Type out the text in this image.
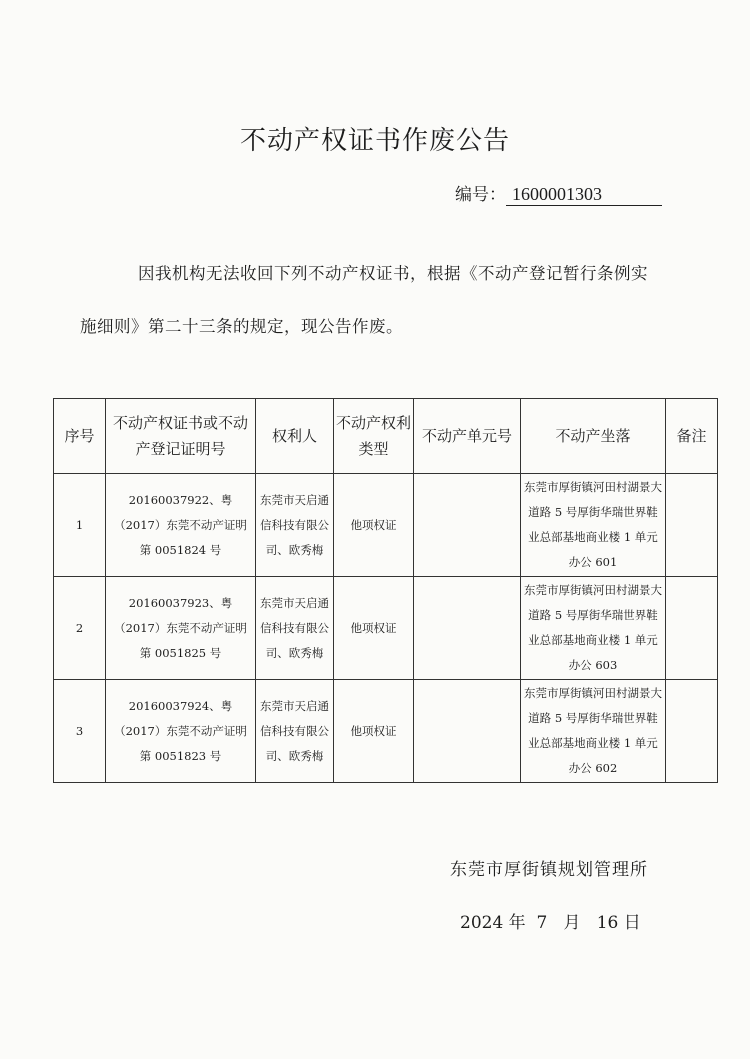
不动产权证书作废公告
编号： 1600001303
因我机构无法收回下列不动产权证书，根据《不动产登记暂行条例实
施细则》第二十三条的规定，现公告作废。
序号	不动产权证书或不动产登记证明号	权利人	不动产权利类型	不动产单元号	不动产坐落	备注
1	20160037922、粤（2017）东莞不动产证明第 0051824 号	东莞市天启通信科技有限公司、欧秀梅	他项权证		东莞市厚街镇河田村湖景大道路 5 号厚街华瑞世界鞋业总部基地商业楼 1 单元办公 601	
2	20160037923、粤（2017）东莞不动产证明第 0051825 号	东莞市天启通信科技有限公司、欧秀梅	他项权证		东莞市厚街镇河田村湖景大道路 5 号厚街华瑞世界鞋业总部基地商业楼 1 单元办公 603	
3	20160037924、粤（2017）东莞不动产证明第 0051823 号	东莞市天启通信科技有限公司、欧秀梅	他项权证		东莞市厚街镇河田村湖景大道路 5 号厚街华瑞世界鞋业总部基地商业楼 1 单元办公 602	
东莞市厚街镇规划管理所
2024 年  7   月   16 日
